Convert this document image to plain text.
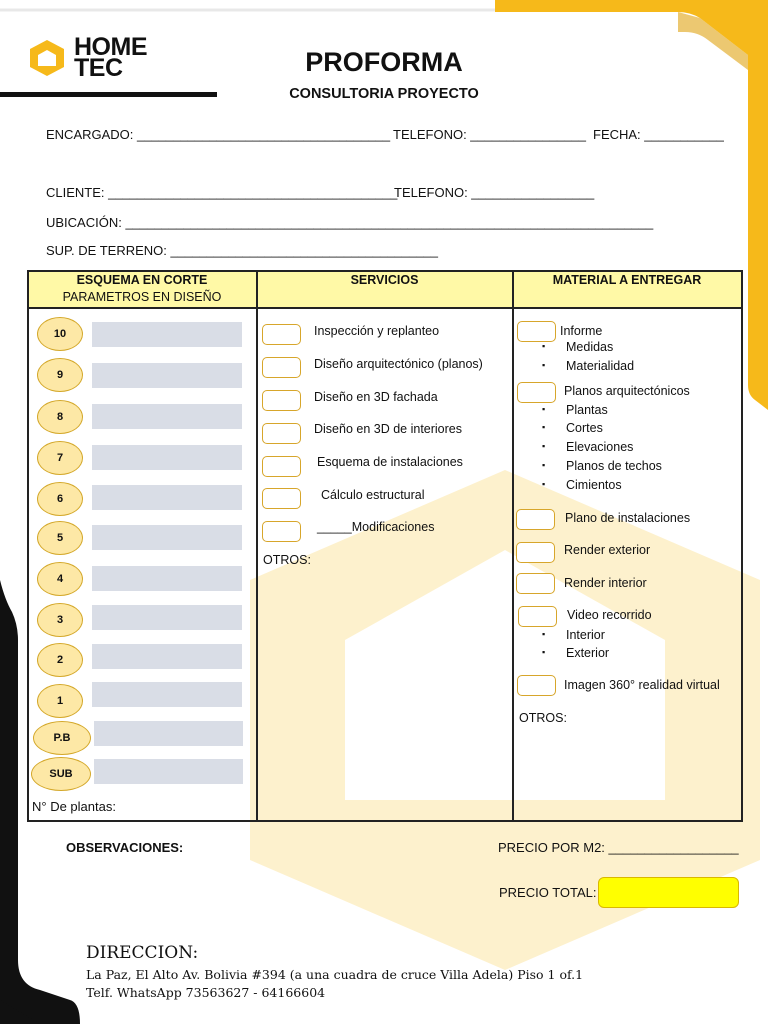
HOME
TEC	PROFORMA
CONSULTORIA PROYECTO
ENCARGADO: ___________________________________ TELEFONO: ________________ FECHA: ___________
CLIENTE: ________________________________________
TELEFONO: _________________
UBICACIÓN: _________________________________________________________________________
SUP. DE TERRENO: _____________________________________
ESQUEMA EN CORTE
PARAMETROS EN DISEÑO
SERVICIOS	MATERIAL A ENTREGAR
10
9
8
7
6
5
4
3
2
1
P.B
SUB
N° De plantas:
Inspección y replanteo
Diseño arquitectónico (planos)
Diseño en 3D fachada
Diseño en 3D de interiores
Esquema de instalaciones
Cálculo estructural
_____Modificaciones
OTROS:
Informe
▪ Medidas
▪ Materialidad
Planos arquitectónicos
▪ Plantas
▪ Cortes
▪ Elevaciones
▪ Planos de techos
▪ Cimientos
Plano de instalaciones
Render exterior
Render interior
Video recorrido
▪ Interior
▪ Exterior
Imagen 360° realidad virtual
OTROS:
OBSERVACIONES:	PRECIO POR M2: __________________
PRECIO TOTAL:
DIRECCION:
La Paz, El Alto Av. Bolivia #394 (a una cuadra de cruce Villa Adela) Piso 1 of.1
Telf. WhatsApp 73563627 - 64166604
